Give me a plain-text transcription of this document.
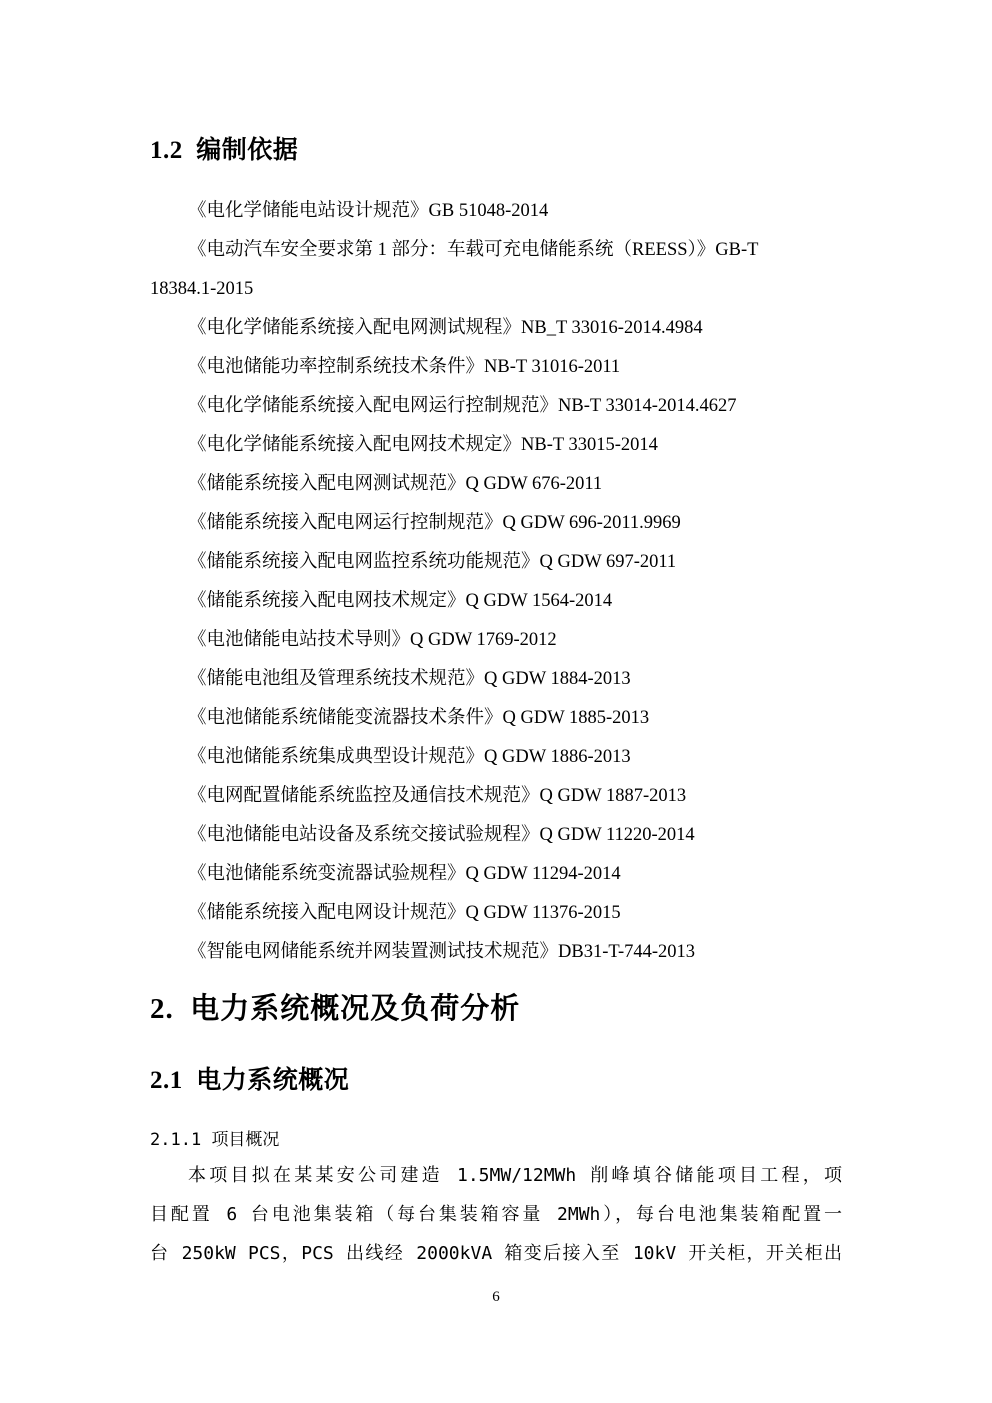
1.2 编制依据
《电化学储能电站设计规范》GB 51048-2014
《电动汽车安全要求第 1 部分：车载可充电储能系统（REESS）》GB-T
18384.1-2015
《电化学储能系统接入配电网测试规程》NB_T 33016-2014.4984
《电池储能功率控制系统技术条件》NB-T 31016-2011
《电化学储能系统接入配电网运行控制规范》NB-T 33014-2014.4627
《电化学储能系统接入配电网技术规定》NB-T 33015-2014
《储能系统接入配电网测试规范》Q GDW 676-2011
《储能系统接入配电网运行控制规范》Q GDW 696-2011.9969
《储能系统接入配电网监控系统功能规范》Q GDW 697-2011
《储能系统接入配电网技术规定》Q GDW 1564-2014
《电池储能电站技术导则》Q GDW 1769-2012
《储能电池组及管理系统技术规范》Q GDW 1884-2013
《电池储能系统储能变流器技术条件》Q GDW 1885-2013
《电池储能系统集成典型设计规范》Q GDW 1886-2013
《电网配置储能系统监控及通信技术规范》Q GDW 1887-2013
《电池储能电站设备及系统交接试验规程》Q GDW 11220-2014
《电池储能系统变流器试验规程》Q GDW 11294-2014
《储能系统接入配电网设计规范》Q GDW 11376-2015
《智能电网储能系统并网装置测试技术规范》DB31-T-744-2013
2. 电力系统概况及负荷分析
2.1 电力系统概况
2.1.1 项目概况
本项目拟在某某安公司建造 1.5MW/12MWh 削峰填谷储能项目工程，项
目配置 6 台电池集装箱（每台集装箱容量 2MWh），每台电池集装箱配置一
台 250kW PCS，PCS 出线经 2000kVA 箱变后接入至 10kV 开关柜，开关柜出
6
